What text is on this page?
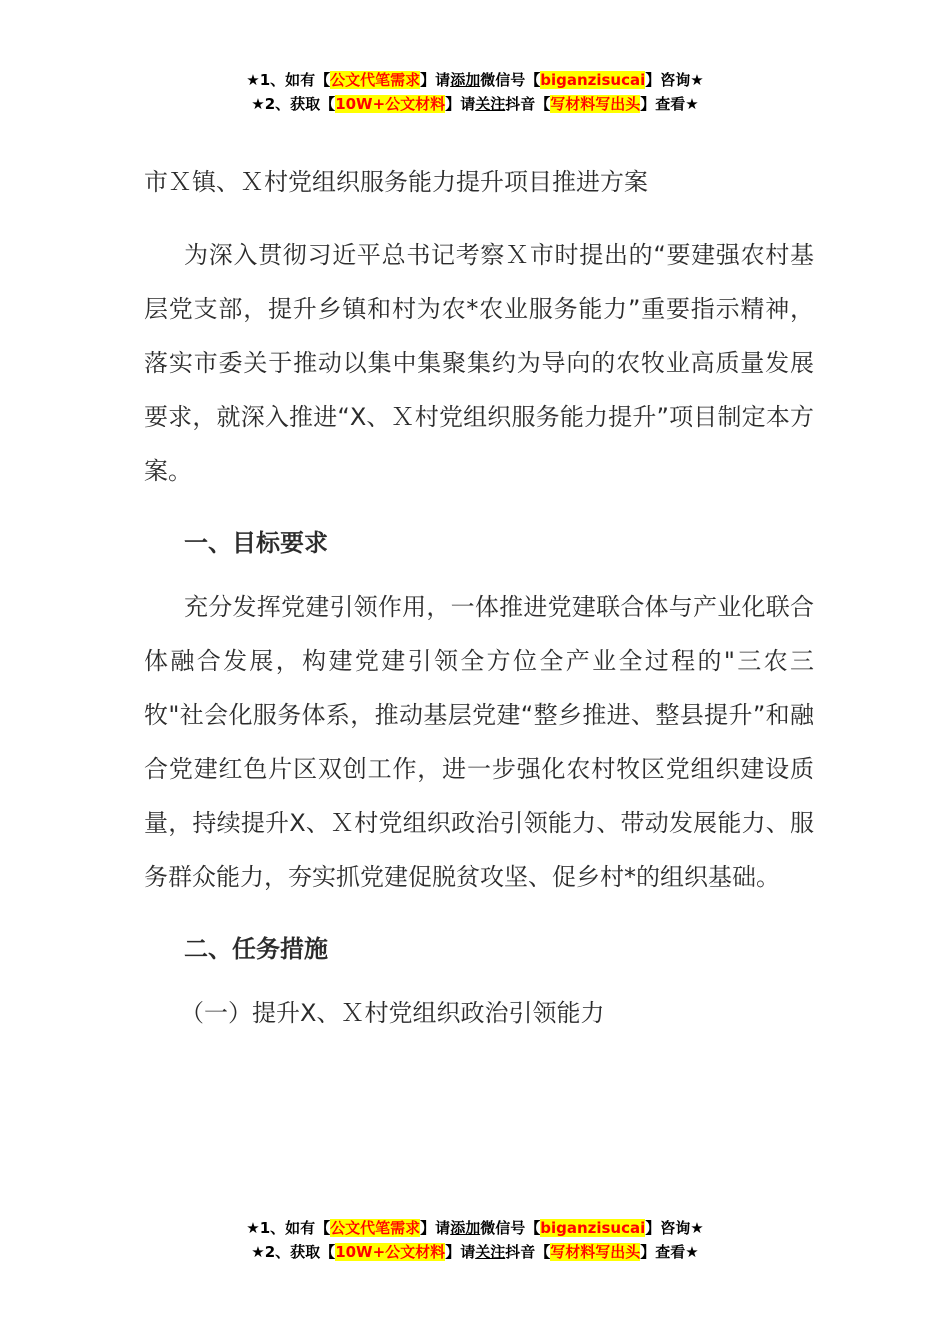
★1、如有【公文代笔需求】请添加微信号【biganzisucai】咨询★
★2、获取【10W+公文材料】请关注抖音【写材料写出头】查看★
市Ｘ镇、Ｘ村党组织服务能力提升项目推进方案

为深入贯彻习近平总书记考察Ｘ市时提出的“要建强农村基层党支部，提升乡镇和村为农*农业服务能力”重要指示精神，落实市委关于推动以集中集聚集约为导向的农牧业高质量发展要求，就深入推进“X、Ｘ村党组织服务能力提升”项目制定本方案。

一、目标要求

充分发挥党建引领作用，一体推进党建联合体与产业化联合体融合发展，构建党建引领全方位全产业全过程的"三农三牧"社会化服务体系，推动基层党建“整乡推进、整县提升”和融合党建红色片区双创工作，进一步强化农村牧区党组织建设质量，持续提升X、Ｘ村党组织政治引领能力、带动发展能力、服务群众能力，夯实抓党建促脱贫攻坚、促乡村*的组织基础。

二、任务措施
（一）提升X、Ｘ村党组织政治引领能力
★1、如有【公文代笔需求】请添加微信号【biganzisucai】咨询★
★2、获取【10W+公文材料】请关注抖音【写材料写出头】查看★
